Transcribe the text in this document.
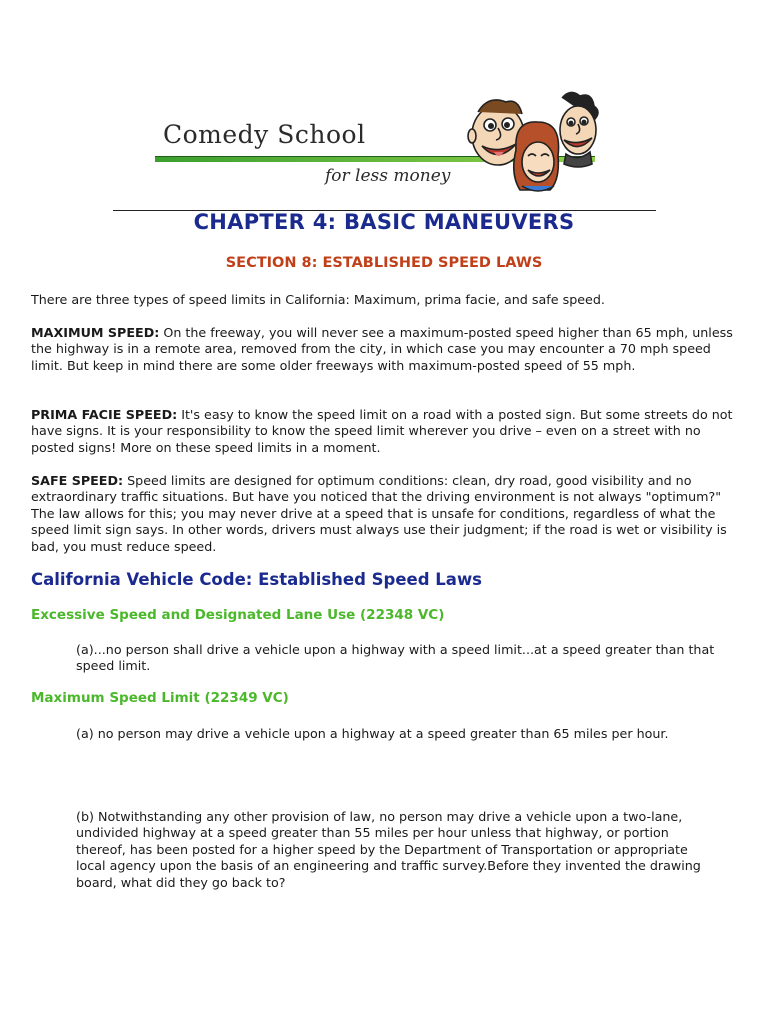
Comedy School
for less money
CHAPTER 4: BASIC MANEUVERS
SECTION 8: ESTABLISHED SPEED LAWS

There are three types of speed limits in California: Maximum, prima facie, and safe speed.

MAXIMUM SPEED: On the freeway, you will never see a maximum-posted speed higher than 65 mph, unless the highway is in a remote area, removed from the city, in which case you may encounter a 70 mph speed limit. But keep in mind there are some older freeways with maximum-posted speed of 55 mph.

PRIMA FACIE SPEED: It's easy to know the speed limit on a road with a posted sign. But some streets do not have signs. It is your responsibility to know the speed limit wherever you drive – even on a street with no posted signs! More on these speed limits in a moment.

SAFE SPEED: Speed limits are designed for optimum conditions: clean, dry road, good visibility and no extraordinary traffic situations. But have you noticed that the driving environment is not always "optimum?" The law allows for this; you may never drive at a speed that is unsafe for conditions, regardless of what the speed limit sign says. In other words, drivers must always use their judgment; if the road is wet or visibility is bad, you must reduce speed.

California Vehicle Code: Established Speed Laws
Excessive Speed and Designated Lane Use (22348 VC)

(a)...no person shall drive a vehicle upon a highway with a speed limit...at a speed greater than that speed limit.

Maximum Speed Limit (22349 VC)

(a) no person may drive a vehicle upon a highway at a speed greater than 65 miles per hour.

(b) Notwithstanding any other provision of law, no person may drive a vehicle upon a two-lane, undivided highway at a speed greater than 55 miles per hour unless that highway, or portion thereof, has been posted for a higher speed by the Department of Transportation or appropriate local agency upon the basis of an engineering and traffic survey.Before they invented the drawing board, what did they go back to?
